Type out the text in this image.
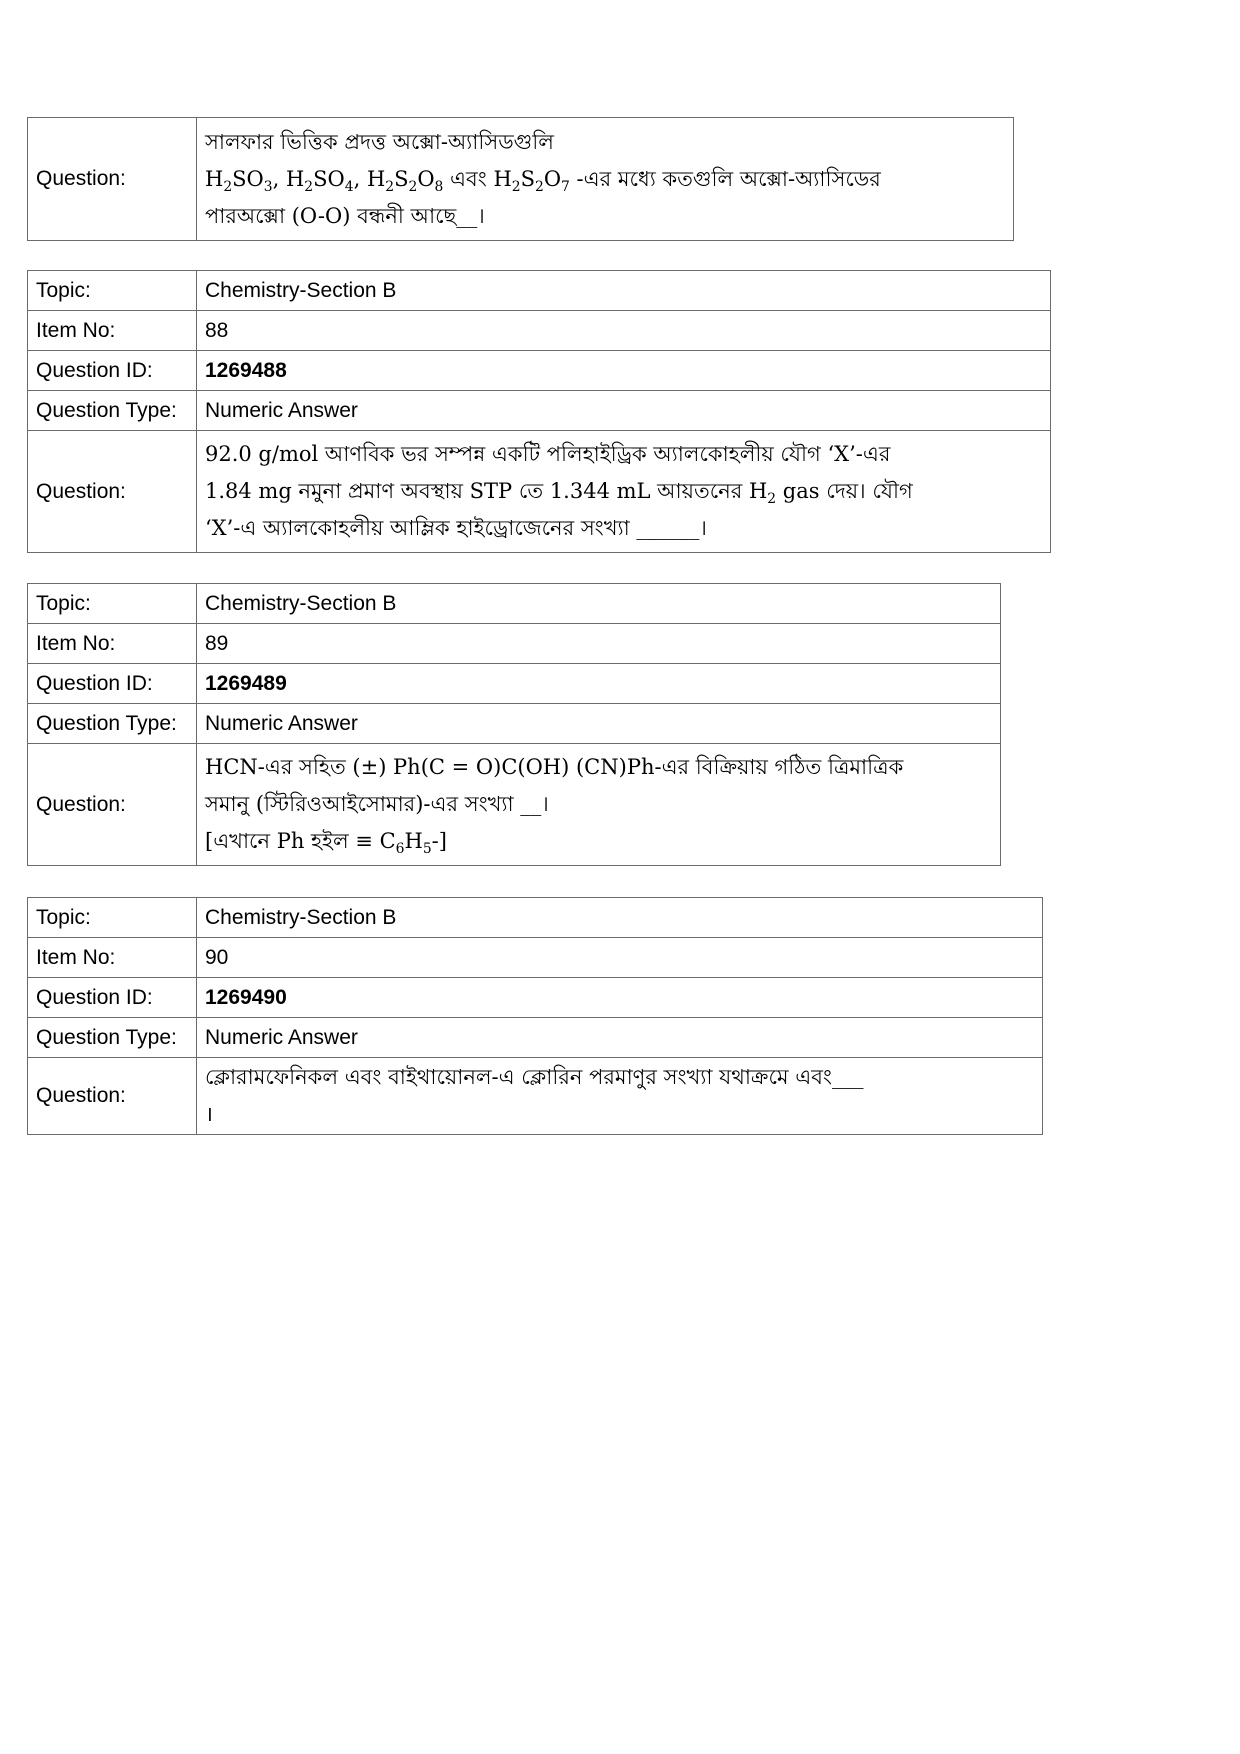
Question:	
সালফার ভিত্তিক প্রদত্ত অক্সো-অ্যাসিডগুলি
$H_2SO_3$, $H_2SO_4$, $H_2S_2O_8$ এবং $H_2S_2O_7$ -এর মধ্যে কতগুলি অক্সো-অ্যাসিডের
পারঅক্সো (O-O) বন্ধনী আছে__।
Topic:	Chemistry-Section B
Item No:	88
Question ID:	1269488
Question Type:	Numeric Answer
Question:	92.0 g/mol আণবিক ভর সম্পন্ন একটি পলিহাইড্রিক অ্যালকোহলীয় যৌগ ‘X’-এর
1.84 mg নমুনা প্রমাণ অবস্থায় STP তে 1.344 mL আয়তনের $H_2$ gas দেয়। যৌগ
‘X’-এ অ্যালকোহলীয় আম্লিক হাইড্রোজেনের সংখ্যা ______।
Topic:	Chemistry-Section B
Item No:	89
Question ID:	1269489
Question Type:	Numeric Answer
Question:	HCN-এর সহিত (±) Ph(C = O)C(OH) (CN)Ph-এর বিক্রিয়ায় গঠিত ত্রিমাত্রিক
সমানু (স্টিরিওআইসোমার)-এর সংখ্যা __।
[এখানে Ph হইল ≡ $C_6H_5-$]
Topic:	Chemistry-Section B
Item No:	90
Question ID:	1269490
Question Type:	Numeric Answer
Question:	ক্লোরামফেনিকল এবং বাইথায়োনল-এ ক্লোরিন পরমাণুর সংখ্যা যথাক্রমে এবং___
।
